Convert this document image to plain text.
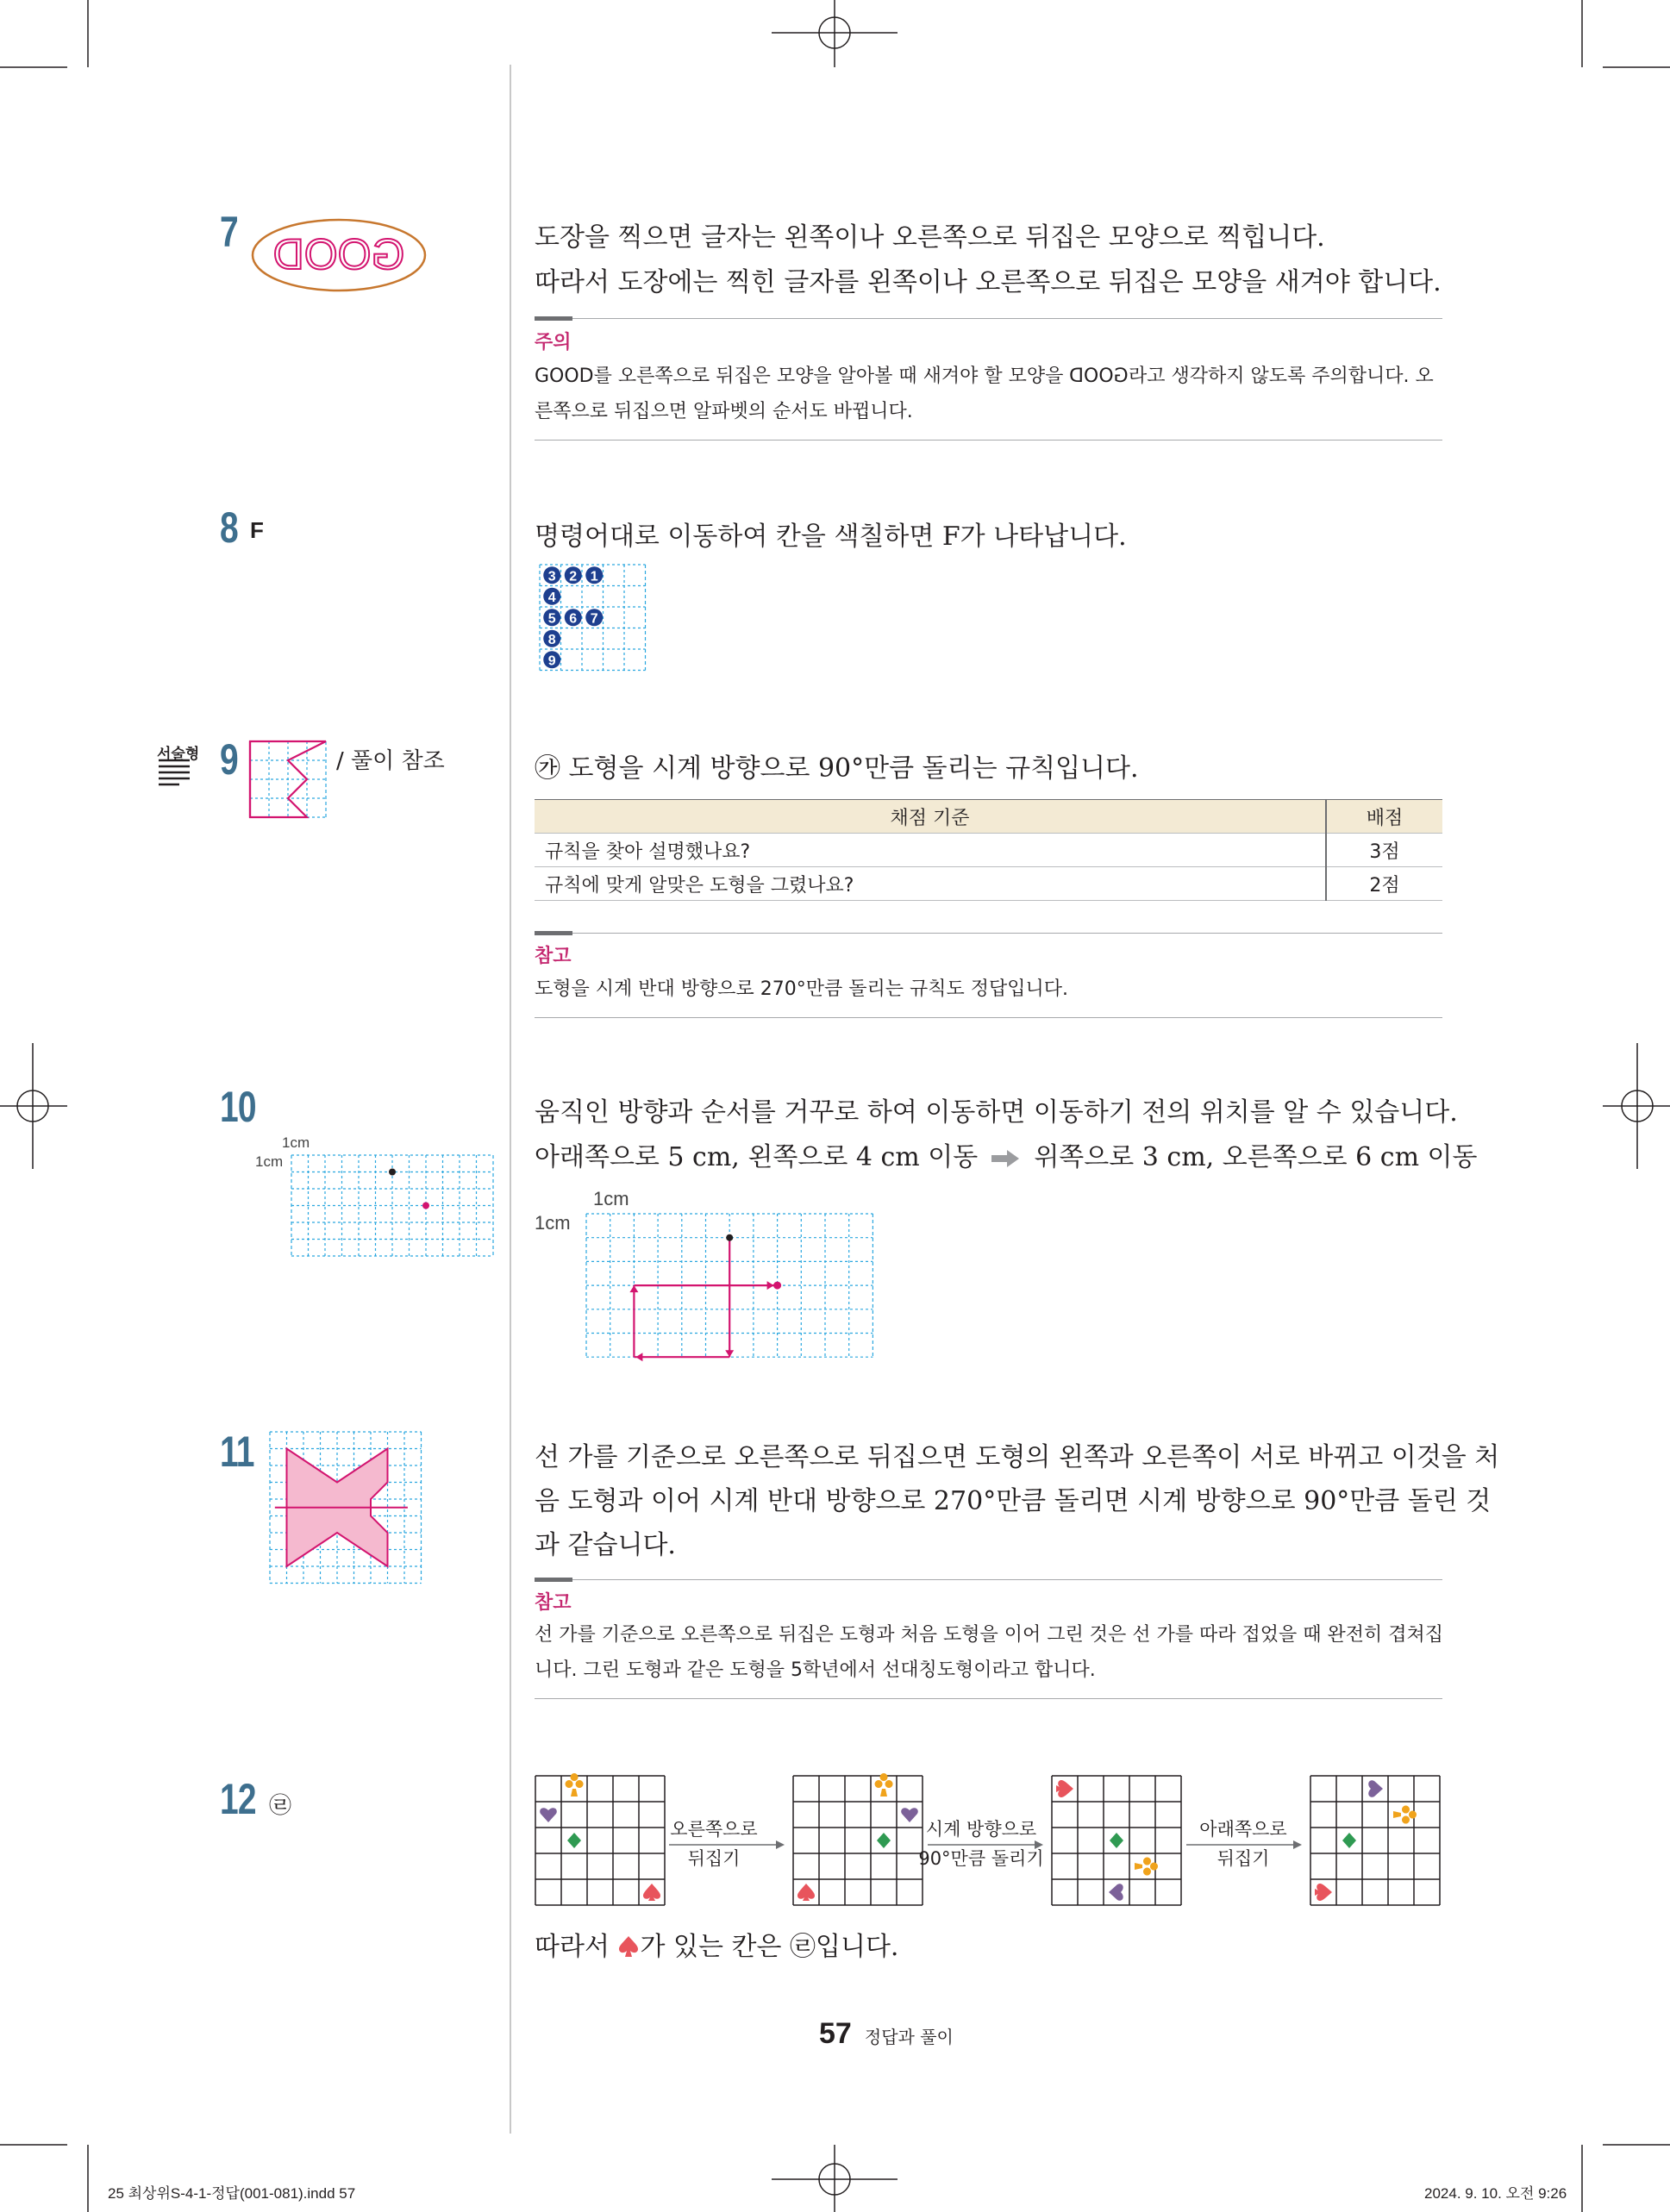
7 GOOD	도장을 찍으면 글자는 왼쪽이나 오른쪽으로 뒤집은 모양으로 찍힙니다.
따라서 도장에는 찍힌 글자를 왼쪽이나 오른쪽으로 뒤집은 모양을 새겨야 합니다.
주의
GOOD를 오른쪽으로 뒤집은 모양을 알아볼 때 새겨야 할 모양을 GOOD라고 생각하지 않도록 주의합니다. 오른쪽으로 뒤집으면 알파벳의 순서도 바뀝니다.
8 F	명령어대로 이동하여 칸을 색칠하면 F가 나타납니다.
3 2 1
4
5 6 7
8
9
서술형 9	/ 풀이 참조	㉮ 도형을 시계 방향으로 90°만큼 돌리는 규칙입니다.
채점 기준	배점
규칙을 찾아 설명했나요?	3점
규칙에 맞게 알맞은 도형을 그렸나요?	2점
참고
도형을 시계 반대 방향으로 270°만큼 돌리는 규칙도 정답입니다.
10
1cm
1cm
움직인 방향과 순서를 거꾸로 하여 이동하면 이동하기 전의 위치를 알 수 있습니다.
아래쪽으로 5 cm, 왼쪽으로 4 cm 이동 위쪽으로 3 cm, 오른쪽으로 6 cm 이동
1cm
1cm
11	선 가를 기준으로 오른쪽으로 뒤집으면 도형의 왼쪽과 오른쪽이 서로 바뀌고 이것을 처
음 도형과 이어 시계 반대 방향으로 270°만큼 돌리면 시계 방향으로 90°만큼 돌린 것
과 같습니다.
참고
선 가를 기준으로 오른쪽으로 뒤집은 도형과 처음 도형을 이어 그린 것은 선 가를 따라 접었을 때 완전히 겹쳐집니다. 그린 도형과 같은 도형을 5학년에서 선대칭도형이라고 합니다.
12 ㉣
오른쪽으로
뒤집기
시계 방향으로
90°만큼 돌리기
아래쪽으로
뒤집기
따라서 가 있는 칸은 ㉣입니다.
57 정답과 풀이
25 최상위S-4-1-정답(001-081).indd 57	2024. 9. 10. 오전 9:26
